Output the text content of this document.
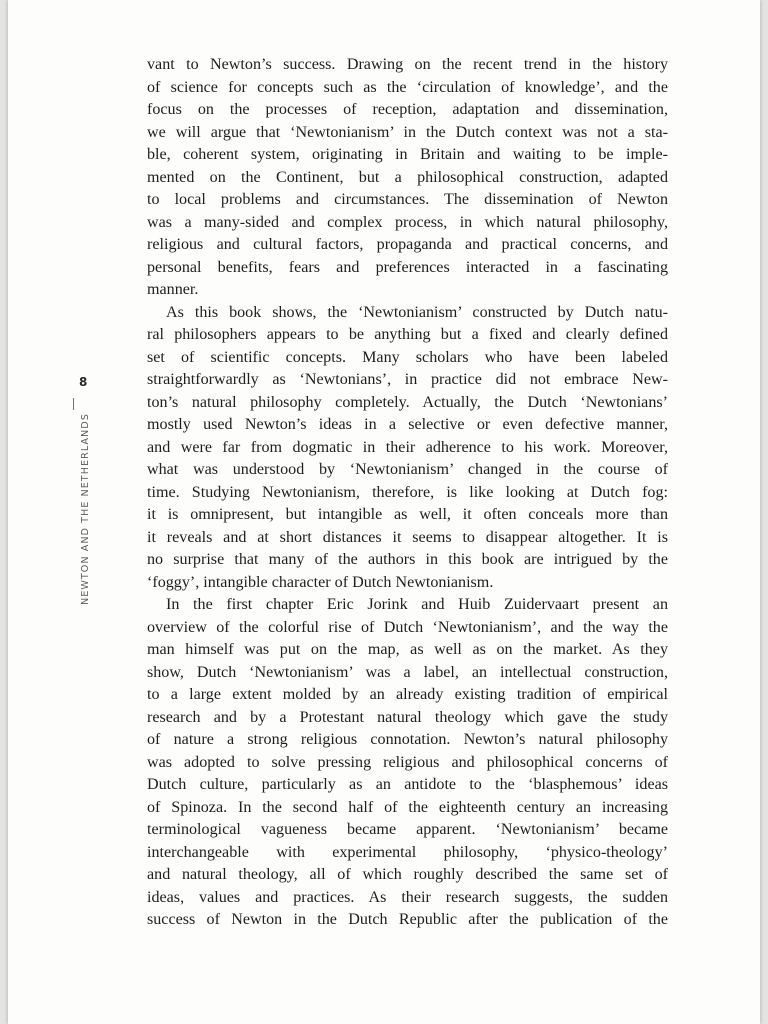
8
NEWTON AND THE NETHERLANDS
vant to Newton’s success. Drawing on the recent trend in the history
of science for concepts such as the ‘circulation of knowledge’, and the
focus on the processes of reception, adaptation and dissemination,
we will argue that ‘Newtonianism’ in the Dutch context was not a sta-
ble, coherent system, originating in Britain and waiting to be imple-
mented on the Continent, but a philosophical construction, adapted
to local problems and circumstances. The dissemination of Newton
was a many-sided and complex process, in which natural philosophy,
religious and cultural factors, propaganda and practical concerns, and
personal benefits, fears and preferences interacted in a fascinating
manner.
As this book shows, the ‘Newtonianism’ constructed by Dutch natu-
ral philosophers appears to be anything but a fixed and clearly defined
set of scientific concepts. Many scholars who have been labeled
straightforwardly as ‘Newtonians’, in practice did not embrace New-
ton’s natural philosophy completely. Actually, the Dutch ‘Newtonians’
mostly used Newton’s ideas in a selective or even defective manner,
and were far from dogmatic in their adherence to his work. Moreover,
what was understood by ‘Newtonianism’ changed in the course of
time. Studying Newtonianism, therefore, is like looking at Dutch fog:
it is omnipresent, but intangible as well, it often conceals more than
it reveals and at short distances it seems to disappear altogether. It is
no surprise that many of the authors in this book are intrigued by the
‘foggy’, intangible character of Dutch Newtonianism.
In the first chapter Eric Jorink and Huib Zuidervaart present an
overview of the colorful rise of Dutch ‘Newtonianism’, and the way the
man himself was put on the map, as well as on the market. As they
show, Dutch ‘Newtonianism’ was a label, an intellectual construction,
to a large extent molded by an already existing tradition of empirical
research and by a Protestant natural theology which gave the study
of nature a strong religious connotation. Newton’s natural philosophy
was adopted to solve pressing religious and philosophical concerns of
Dutch culture, particularly as an antidote to the ‘blasphemous’ ideas
of Spinoza. In the second half of the eighteenth century an increasing
terminological vagueness became apparent. ‘Newtonianism’ became
interchangeable with experimental philosophy, ‘physico-theology’
and natural theology, all of which roughly described the same set of
ideas, values and practices. As their research suggests, the sudden
success of Newton in the Dutch Republic after the publication of the
